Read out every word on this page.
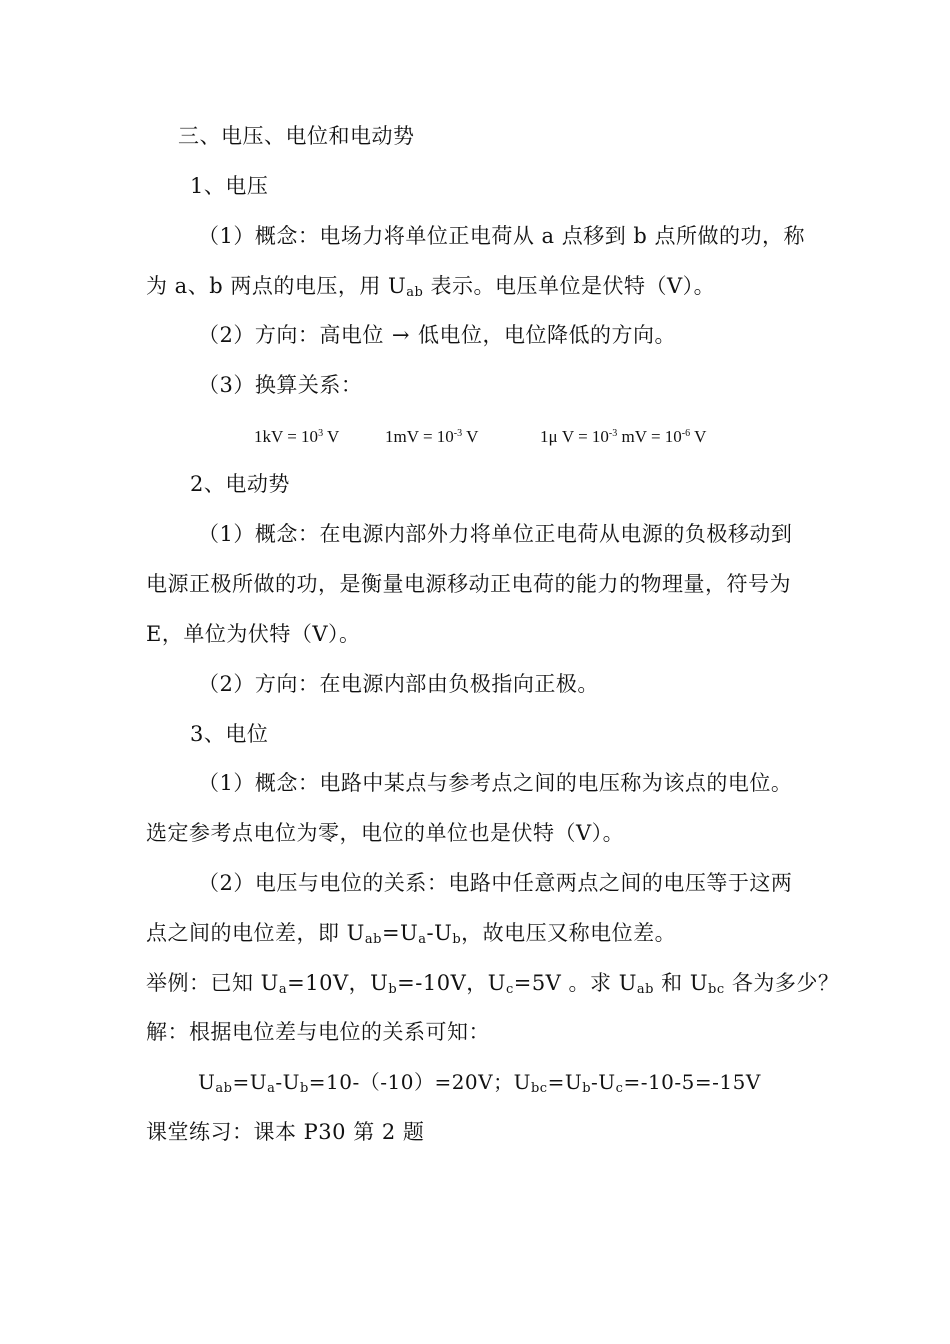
三、电压、电位和电动势
1、电压
（1）概念：电场力将单位正电荷从 a 点移到 b 点所做的功，称
为 a、b 两点的电压，用 $U_{ab}$ 表示。电压单位是伏特（V）。
（2）方向：高电位 → 低电位，电位降低的方向。
（3）换算关系：
$1kV = 10^3$ V	$1mV = 10^{-3}$ V	1μ $V = 10^{-3}$ mV = $10^{-6}$ V
2、电动势
（1）概念：在电源内部外力将单位正电荷从电源的负极移动到
电源正极所做的功，是衡量电源移动正电荷的能力的物理量，符号为
E，单位为伏特（V）。
（2）方向：在电源内部由负极指向正极。
3、电位
（1）概念：电路中某点与参考点之间的电压称为该点的电位。
选定参考点电位为零，电位的单位也是伏特（V）。
（2）电压与电位的关系：电路中任意两点之间的电压等于这两
点之间的电位差，即 $U_{ab}=U_a-U_b$，故电压又称电位差。
举例：已知 $U_a=10V$，$U_b=-10V$，$U_c=5V$ 。求 $U_{ab}$ 和 $U_{bc}$ 各为多少？
解：根据电位差与电位的关系可知：
$U_{ab}=U_a-U_b=10-(-10)=20V$；$U_{bc}=U_b-U_c=-10-5=-15V$
课堂练习：课本 P30 第 2 题
